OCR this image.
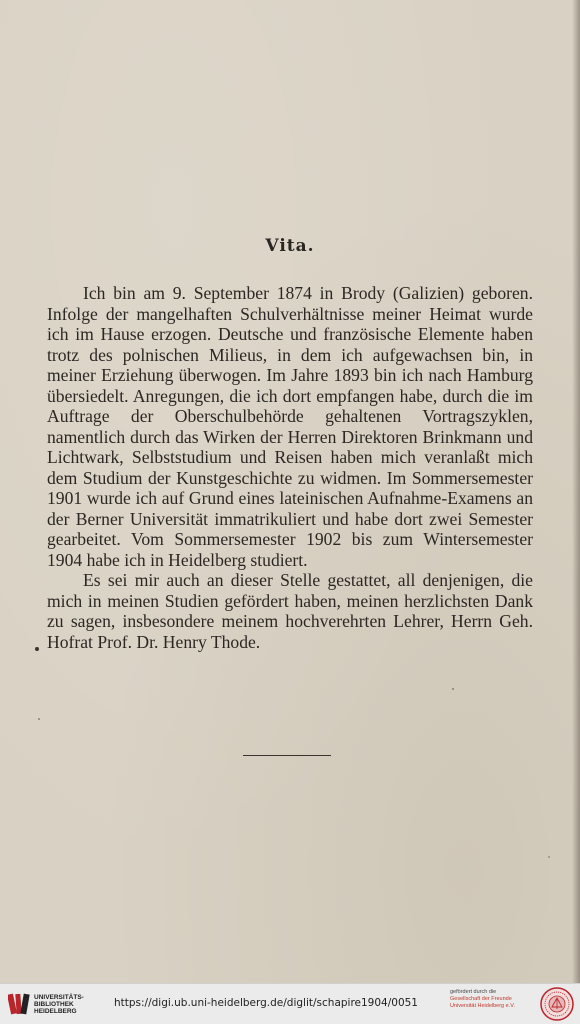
Vita.

Ich bin am 9. September 1874 in Brody (Galizien) geboren. Infolge der mangelhaften Schulverhältnisse meiner Heimat wurde ich im Hause erzogen. Deutsche und französische Elemente haben trotz des polnischen Milieus, in dem ich aufgewachsen bin, in meiner Erziehung überwogen. Im Jahre 1893 bin ich nach Hamburg übersiedelt. Anregungen, die ich dort empfangen habe, durch die im Auftrage der Oberschulbehörde gehaltenen Vortragszyklen, namentlich durch das Wirken der Herren Direktoren Brinkmann und Lichtwark, Selbststudium und Reisen haben mich veranlaßt mich dem Studium der Kunstgeschichte zu widmen. Im Sommersemester 1901 wurde ich auf Grund eines lateinischen Aufnahme-Examens an der Berner Universität immatrikuliert und habe dort zwei Semester gearbeitet. Vom Sommersemester 1902 bis zum Wintersemester 1904 habe ich in Heidelberg studiert.

Es sei mir auch an dieser Stelle gestattet, all denjenigen, die mich in meinen Studien gefördert haben, meinen herzlichsten Dank zu sagen, insbesondere meinem hochverehrten Lehrer, Herrn Geh. Hofrat Prof. Dr. Henry Thode.

UNIVERSITÄTS-
BIBLIOTHEK
HEIDELBERG
https://digi.ub.uni-heidelberg.de/diglit/schapire1904/0051
gefördert durch die
Gesellschaft der Freunde
Universität Heidelberg e.V.
